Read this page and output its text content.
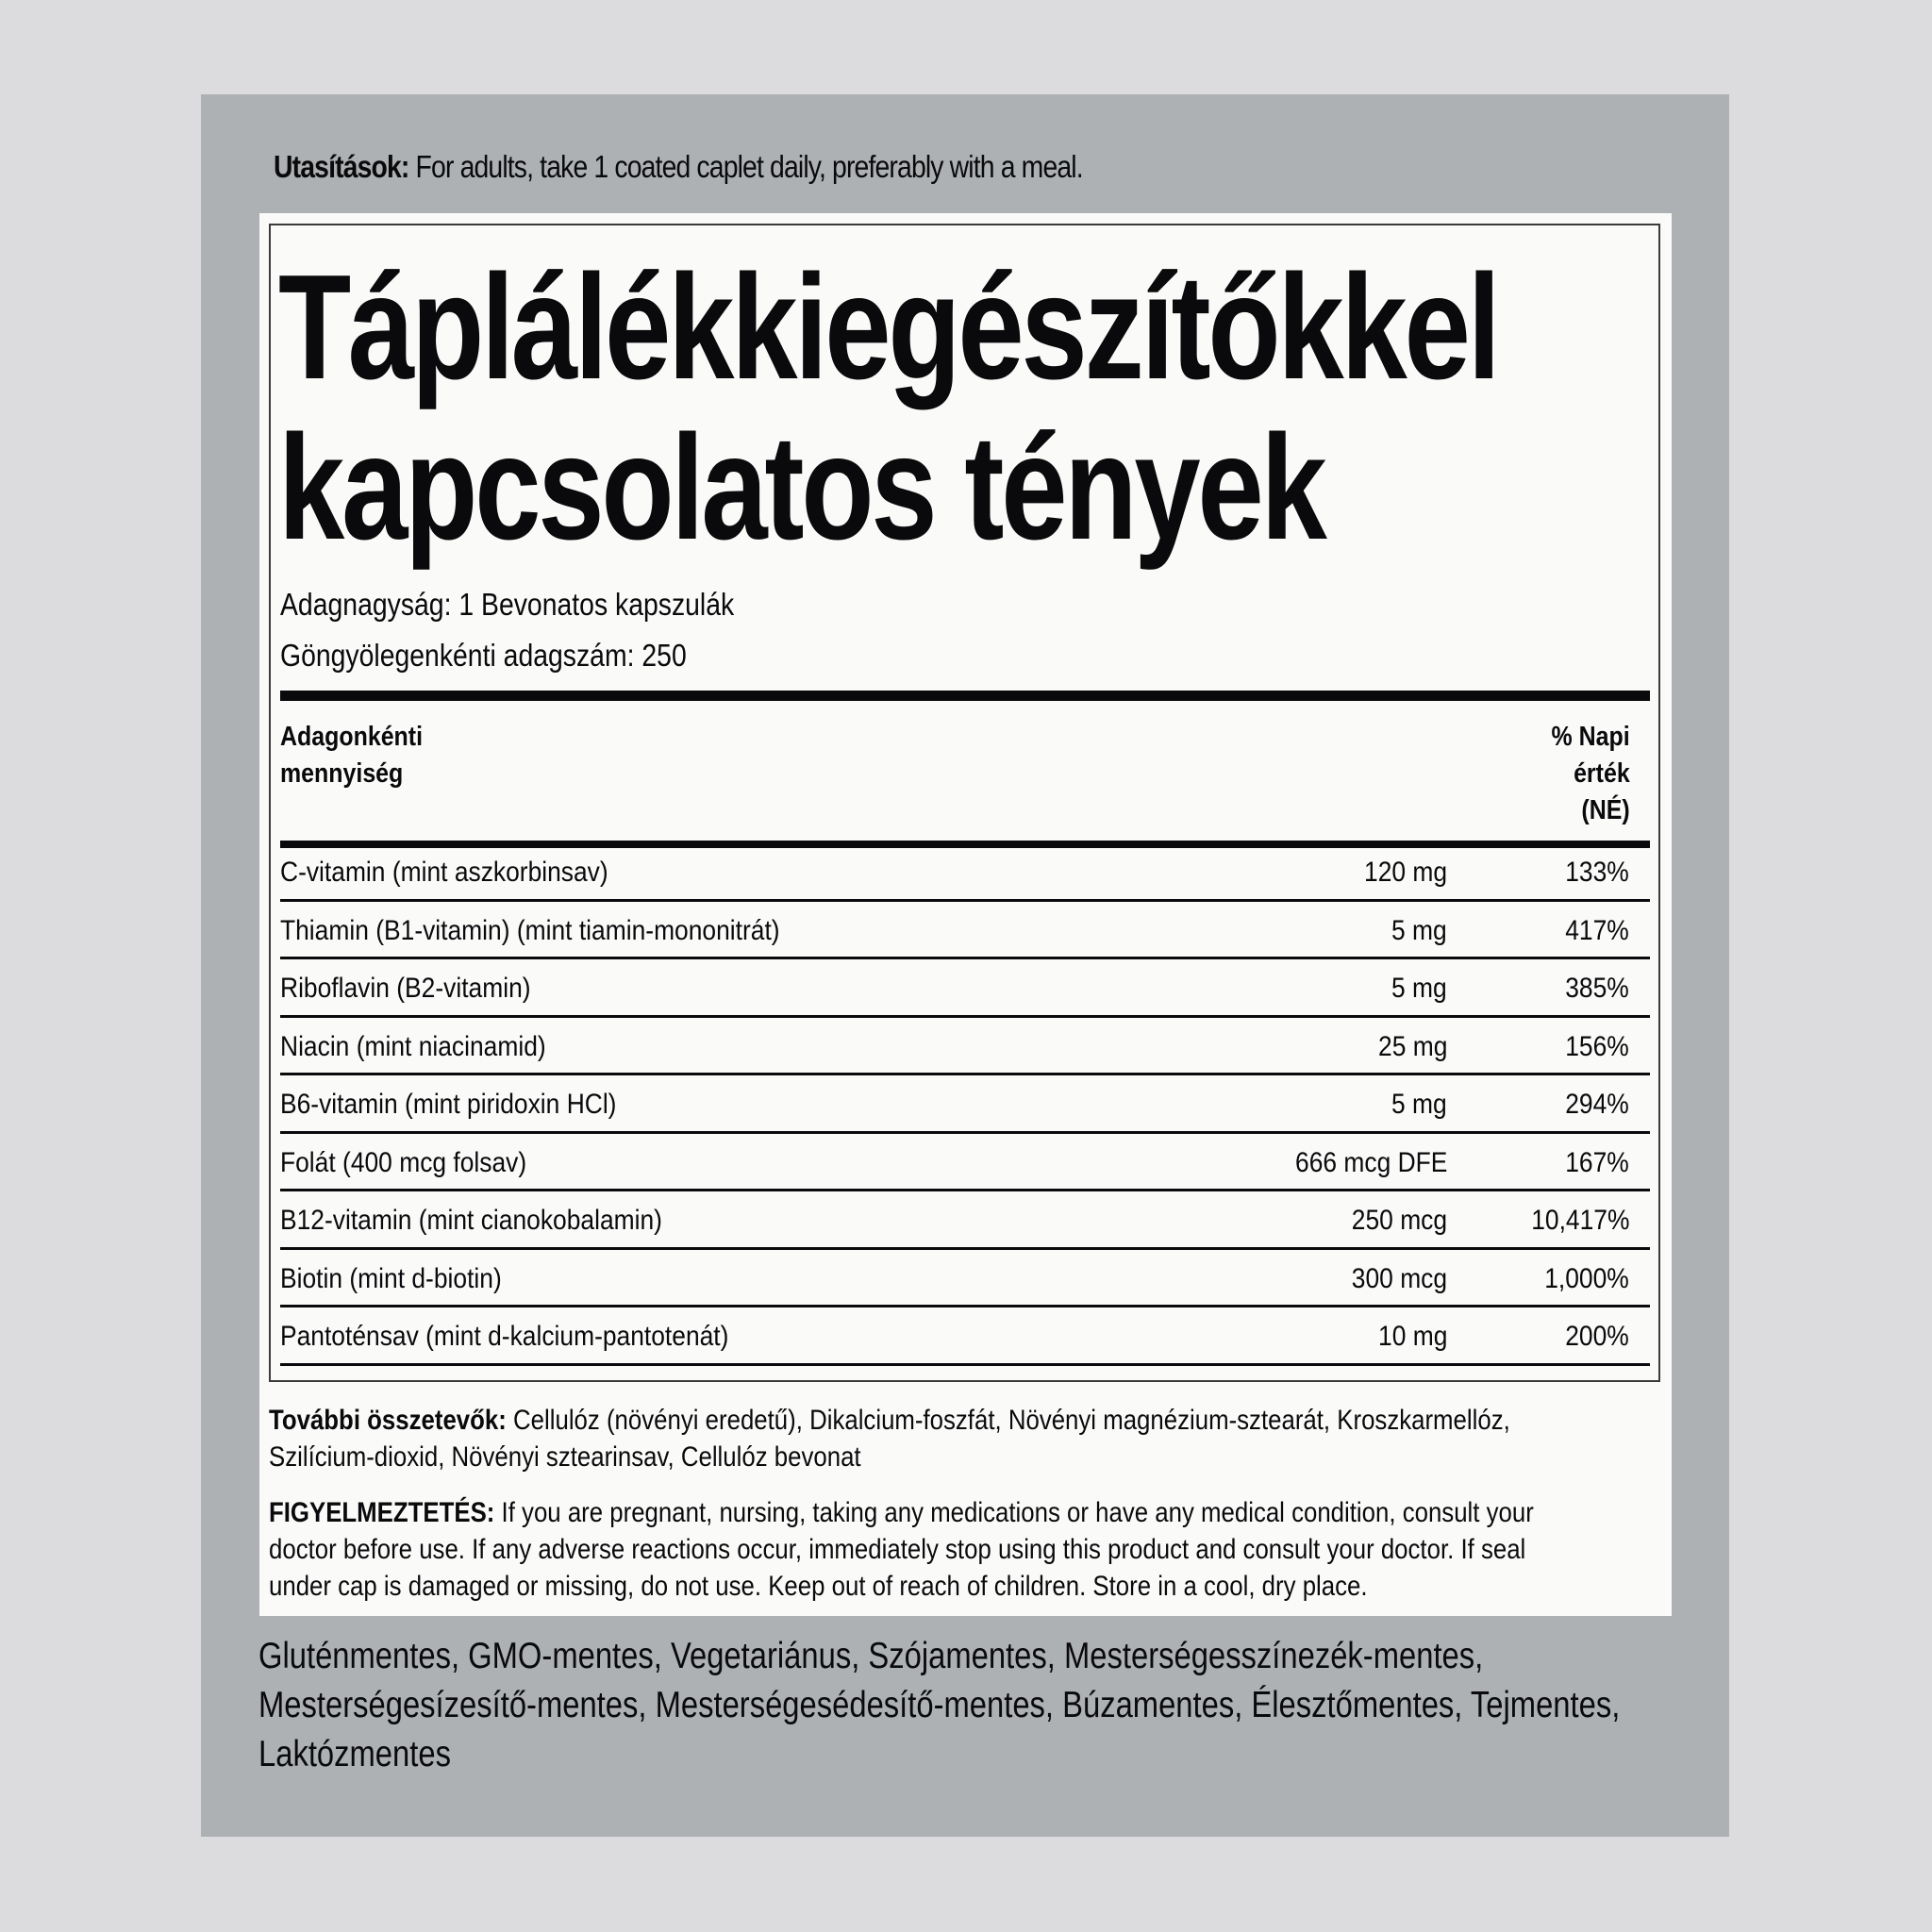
Utasítások: For adults, take 1 coated caplet daily, preferably with a meal.
Táplálékkiegészítőkkel
kapcsolatos tények
Adagnagyság: 1 Bevonatos kapszulák
Göngyölegenkénti adagszám: 250
Adagonkénti
mennyiség
% Napi
érték
(NÉ)
C-vitamin (mint aszkorbinsav)	120 mg	133%
Thiamin (B1-vitamin) (mint tiamin-mononitrát)	5 mg	417%
Riboflavin (B2-vitamin)	5 mg	385%
Niacin (mint niacinamid)	25 mg	156%
B6-vitamin (mint piridoxin HCl)	5 mg	294%
Folát (400 mcg folsav)	666 mcg DFE	167%
B12-vitamin (mint cianokobalamin)	250 mcg	10,417%
Biotin (mint d-biotin)	300 mcg	1,000%
Pantoténsav (mint d-kalcium-pantotenát)	10 mg	200%
További összetevők: Cellulóz (növényi eredetű), Dikalcium-foszfát, Növényi magnézium-sztearát, Kroszkarmellóz,
Szilícium-dioxid, Növényi sztearinsav, Cellulóz bevonat
FIGYELMEZTETÉS: If you are pregnant, nursing, taking any medications or have any medical condition, consult your
doctor before use. If any adverse reactions occur, immediately stop using this product and consult your doctor. If seal
under cap is damaged or missing, do not use. Keep out of reach of children. Store in a cool, dry place.
Gluténmentes, GMO-mentes, Vegetariánus, Szójamentes, Mesterségesszínezék-mentes,
Mesterségesízesítő-mentes, Mesterségesédesítő-mentes, Búzamentes, Élesztőmentes, Tejmentes,
Laktózmentes
